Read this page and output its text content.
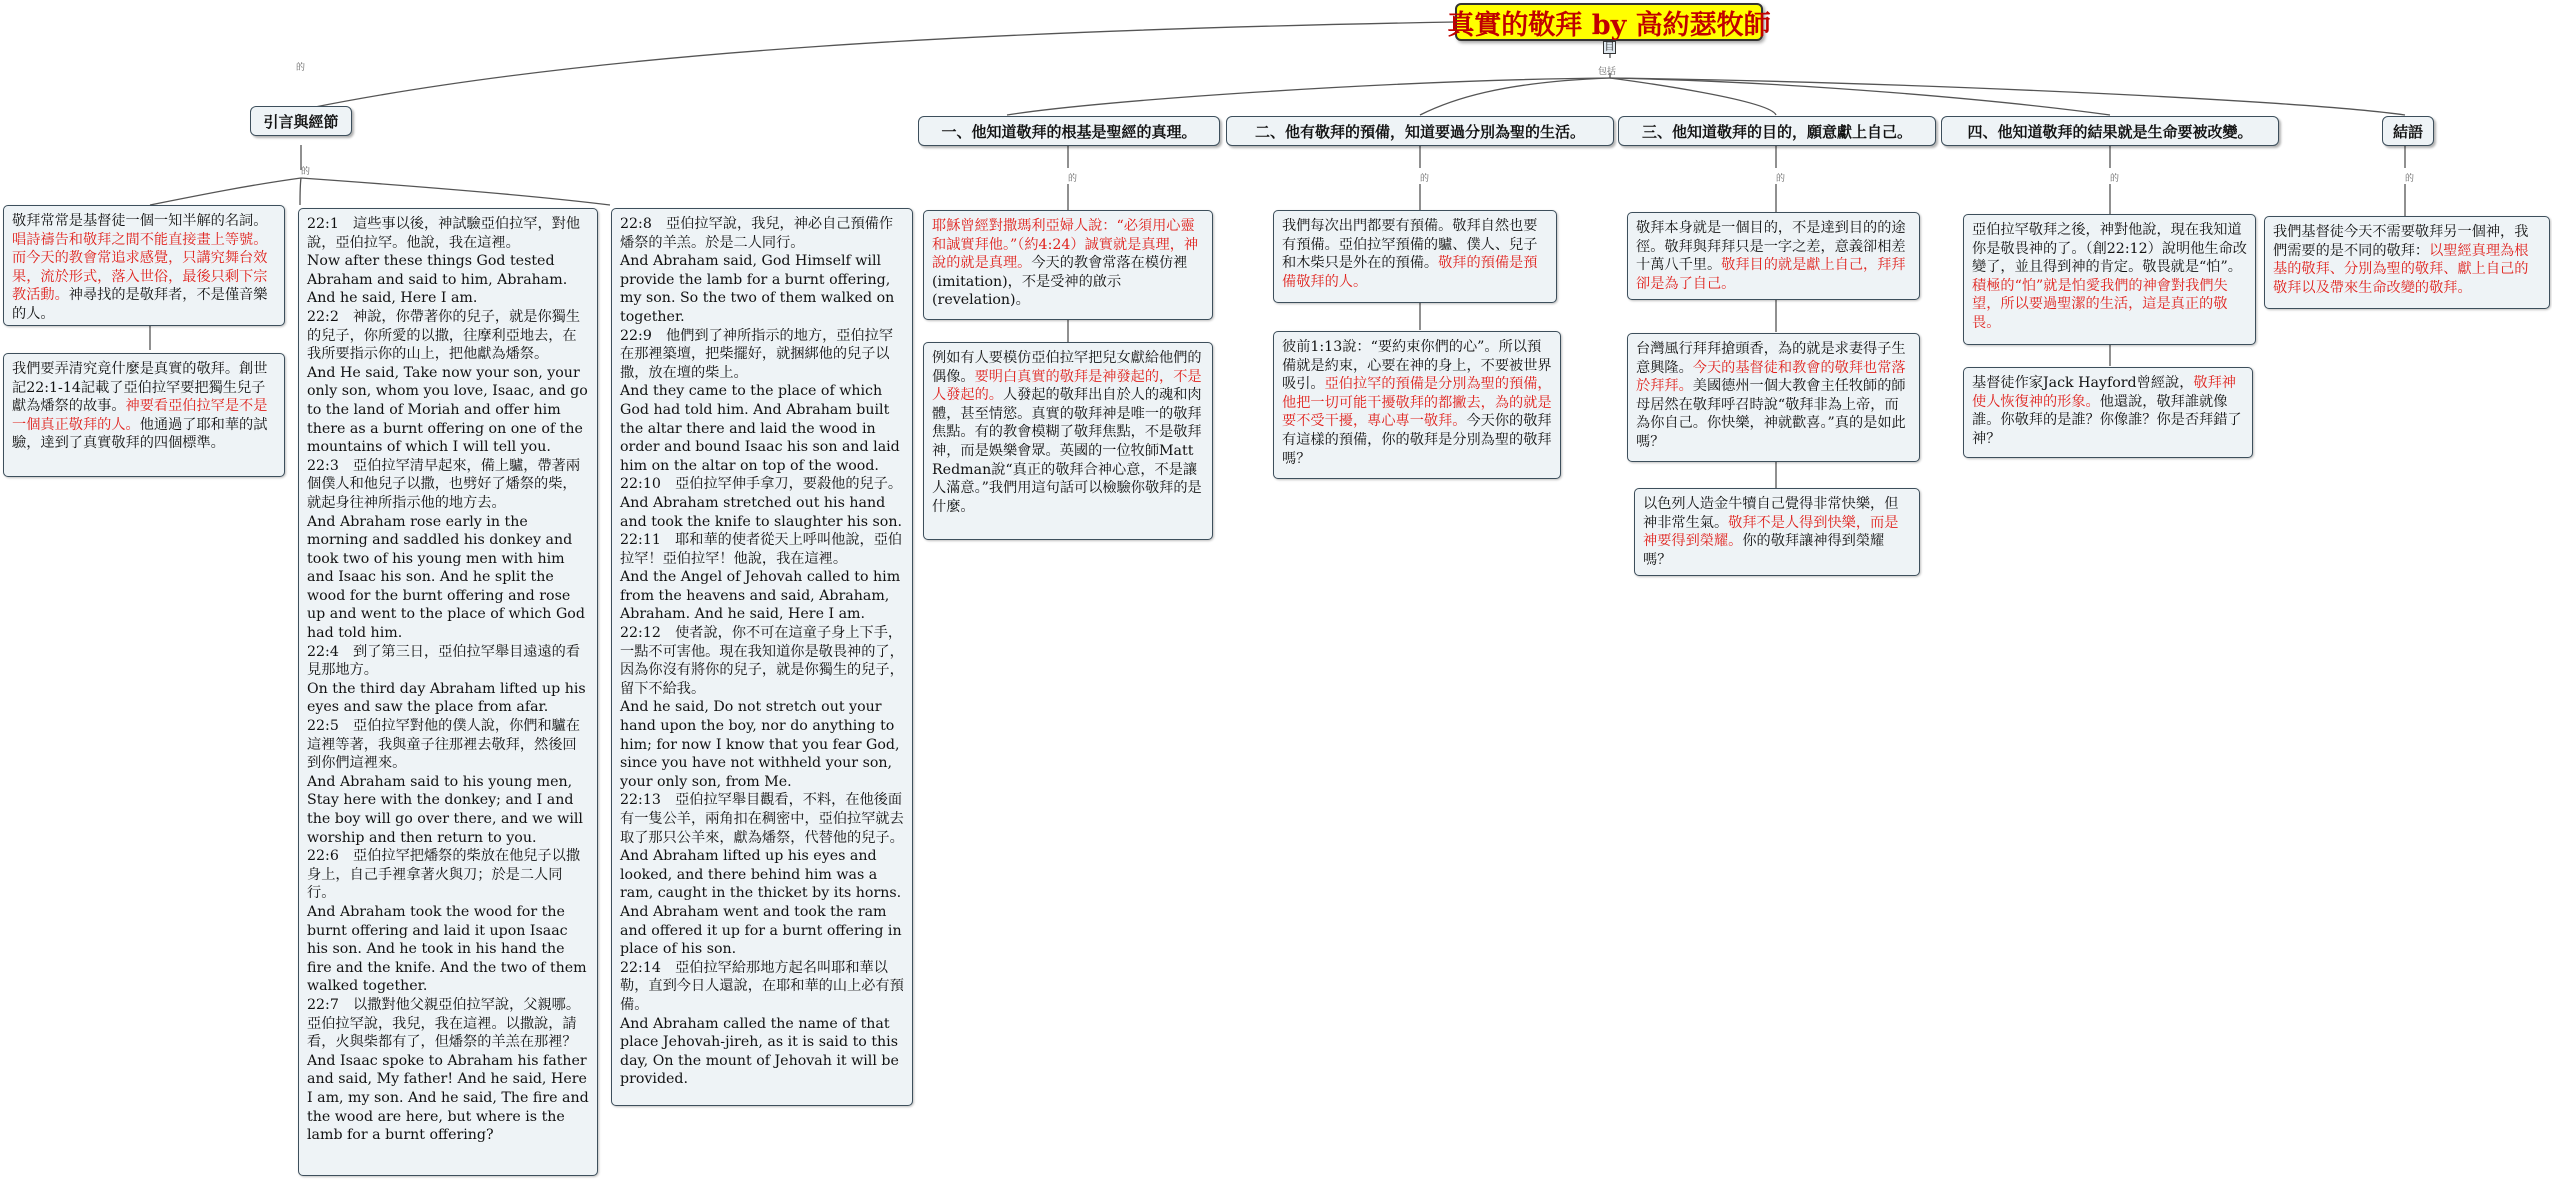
真實的敬拜 by 高約瑟牧師
目
的	包括
引言與經節
的
敬拜常常是基督徒一個一知半解的名詞。唱詩禱告和敬拜之間不能直接畫上等號。而今天的教會常追求感覺，只講究舞台效果，流於形式，落入世俗，最後只剩下宗教活動。神尋找的是敬拜者，不是僅音樂的人。
我們要弄清究竟什麼是真實的敬拜。創世記22:1-14記載了亞伯拉罕要把獨生兒子獻為燔祭的故事。神要看亞伯拉罕是不是一個真正敬拜的人。他通過了耶和華的試驗，達到了真實敬拜的四個標準。
22:1　這些事以後，神試驗亞伯拉罕，對他說，亞伯拉罕。他說，我在這裡。
Now after these things God tested Abraham and said to him, Abraham. And he said, Here I am.
22:2　神說，你帶著你的兒子，就是你獨生的兒子，你所愛的以撒，往摩利亞地去，在我所要指示你的山上，把他獻為燔祭。
And He said, Take now your son, your only son, whom you love, Isaac, and go to the land of Moriah and offer him there as a burnt offering on one of the mountains of which I will tell you.
22:3　亞伯拉罕清早起來，備上驢，帶著兩個僕人和他兒子以撒，也劈好了燔祭的柴，就起身往神所指示他的地方去。
And Abraham rose early in the morning and saddled his donkey and took two of his young men with him and Isaac his son. And he split the wood for the burnt offering and rose up and went to the place of which God had told him.
22:4　到了第三日，亞伯拉罕舉目遠遠的看見那地方。
On the third day Abraham lifted up his eyes and saw the place from afar.
22:5　亞伯拉罕對他的僕人說，你們和驢在這裡等著，我與童子往那裡去敬拜，然後回到你們這裡來。
And Abraham said to his young men, Stay here with the donkey; and I and the boy will go over there, and we will worship and then return to you.
22:6　亞伯拉罕把燔祭的柴放在他兒子以撒身上，自己手裡拿著火與刀；於是二人同行。
And Abraham took the wood for the burnt offering and laid it upon Isaac his son. And he took in his hand the fire and the knife. And the two of them walked together.
22:7　以撒對他父親亞伯拉罕說，父親哪。亞伯拉罕說，我兒，我在這裡。以撒說，請看，火與柴都有了，但燔祭的羊羔在那裡？
And Isaac spoke to Abraham his father and said, My father! And he said, Here I am, my son. And he said, The fire and the wood are here, but where is the lamb for a burnt offering?
22:8　亞伯拉罕說，我兒，神必自己預備作燔祭的羊羔。於是二人同行。
And Abraham said, God Himself will provide the lamb for a burnt offering, my son. So the two of them walked on together.
22:9　他們到了神所指示的地方，亞伯拉罕在那裡築壇，把柴擺好，就捆綁他的兒子以撒，放在壇的柴上。
And they came to the place of which God had told him. And Abraham built the altar there and laid the wood in order and bound Isaac his son and laid him on the altar on top of the wood.
22:10　亞伯拉罕伸手拿刀，要殺他的兒子。
And Abraham stretched out his hand and took the knife to slaughter his son.
22:11　耶和華的使者從天上呼叫他說，亞伯拉罕！亞伯拉罕！他說，我在這裡。
And the Angel of Jehovah called to him from the heavens and said, Abraham, Abraham. And he said, Here I am.
22:12　使者說，你不可在這童子身上下手，一點不可害他。現在我知道你是敬畏神的了，因為你沒有將你的兒子，就是你獨生的兒子，留下不給我。
And he said, Do not stretch out your hand upon the boy, nor do anything to him; for now I know that you fear God, since you have not withheld your son, your only son, from Me.
22:13　亞伯拉罕舉目觀看，不料，在他後面有一隻公羊，兩角扣在稠密中，亞伯拉罕就去取了那只公羊來，獻為燔祭，代替他的兒子。
And Abraham lifted up his eyes and looked, and there behind him was a ram, caught in the thicket by its horns. And Abraham went and took the ram and offered it up for a burnt offering in place of his son.
22:14　亞伯拉罕給那地方起名叫耶和華以勒，直到今日人還說，在耶和華的山上必有預備。
And Abraham called the name of that place Jehovah-jireh, as it is said to this day, On the mount of Jehovah it will be provided.
一、他知道敬拜的根基是聖經的真理。
的
耶穌曾經對撒瑪利亞婦人說：“必須用心靈和誠實拜他。”（約4:24）誠實就是真理，神說的就是真理。今天的教會常落在模仿裡(imitation)，不是受神的啟示(revelation)。
例如有人要模仿亞伯拉罕把兒女獻給他們的偶像。要明白真實的敬拜是神發起的，不是人發起的。人發起的敬拜出自於人的魂和肉體，甚至情慾。真實的敬拜神是唯一的敬拜焦點。有的教會模糊了敬拜焦點，不是敬拜神，而是娛樂會眾。英國的一位牧師Matt Redman說“真正的敬拜合神心意，不是讓人滿意。”我們用這句話可以檢驗你敬拜的是什麼。
二、他有敬拜的預備，知道要過分別為聖的生活。
的
我們每次出門都要有預備。敬拜自然也要有預備。亞伯拉罕預備的驢、僕人、兒子和木柴只是外在的預備。敬拜的預備是預備敬拜的人。
彼前1:13說：“要約束你們的心”。所以預備就是約束，心要在神的身上，不要被世界吸引。亞伯拉罕的預備是分別為聖的預備，他把一切可能干擾敬拜的都撇去，為的就是要不受干擾，專心專一敬拜。今天你的敬拜有這樣的預備，你的敬拜是分別為聖的敬拜嗎？
三、他知道敬拜的目的，願意獻上自己。
的
敬拜本身就是一個目的，不是達到目的的途徑。敬拜與拜拜只是一字之差，意義卻相差十萬八千里。敬拜目的就是獻上自己，拜拜卻是為了自己。
台灣風行拜拜搶頭香，為的就是求妻得子生意興隆。今天的基督徒和教會的敬拜也常落於拜拜。美國德州一個大教會主任牧師的師母居然在敬拜呼召時說“敬拜非為上帝，而為你自己。你快樂，神就歡喜。”真的是如此嗎？
以色列人造金牛犢自己覺得非常快樂，但神非常生氣。敬拜不是人得到快樂，而是神要得到榮耀。你的敬拜讓神得到榮耀嗎？
四、他知道敬拜的結果就是生命要被改變。
的
亞伯拉罕敬拜之後，神對他說，現在我知道你是敬畏神的了。（創22:12）說明他生命改變了，並且得到神的肯定。敬畏就是“怕”。積極的“怕”就是怕愛我們的神會對我們失望，所以要過聖潔的生活，這是真正的敬畏。
基督徒作家Jack Hayford曾經說，敬拜神使人恢復神的形象。他還說，敬拜誰就像誰。你敬拜的是誰？你像誰？你是否拜錯了神？
結語
的
我們基督徒今天不需要敬拜另一個神，我們需要的是不同的敬拜：以聖經真理為根基的敬拜、分別為聖的敬拜、獻上自己的敬拜以及帶來生命改變的敬拜。
